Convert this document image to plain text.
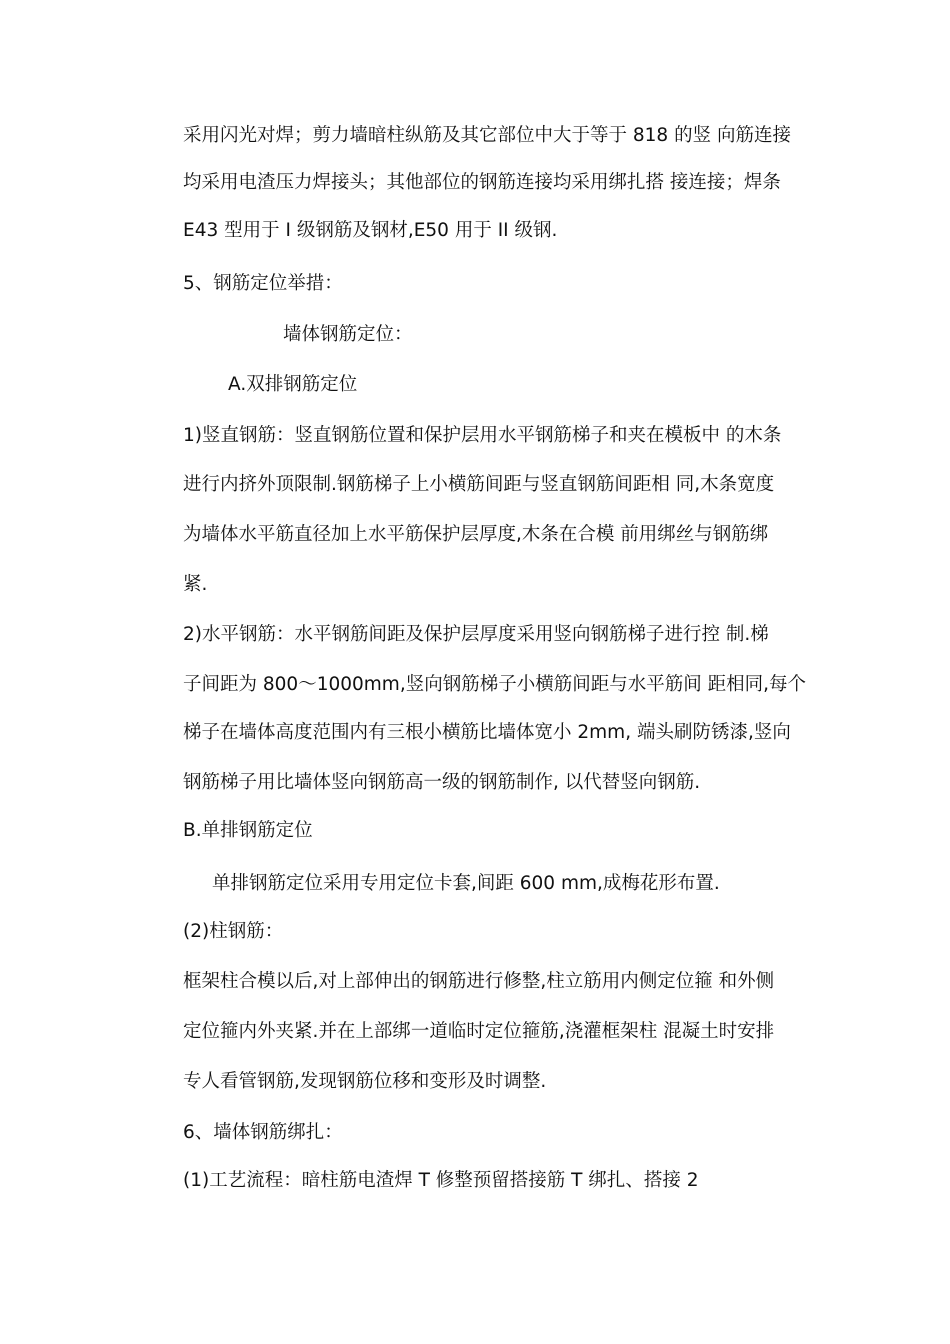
采用闪光对焊；剪力墙暗柱纵筋及其它部位中大于等于 818 的竖 向筋连接
均采用电渣压力焊接头；其他部位的钢筋连接均采用绑扎搭 接连接；焊条
E43 型用于 I 级钢筋及钢材,E50 用于 II 级钢.
5、钢筋定位举措：
墙体钢筋定位：
A.双排钢筋定位
1)竖直钢筋：竖直钢筋位置和保护层用水平钢筋梯子和夹在模板中 的木条
进行内挤外顶限制.钢筋梯子上小横筋间距与竖直钢筋间距相 同,木条宽度
为墙体水平筋直径加上水平筋保护层厚度,木条在合模 前用绑丝与钢筋绑
紧.
2)水平钢筋：水平钢筋间距及保护层厚度采用竖向钢筋梯子进行控 制.梯
子间距为 800〜1000mm,竖向钢筋梯子小横筋间距与水平筋间 距相同,每个
梯子在墙体高度范围内有三根小横筋比墙体宽小 2mm, 端头刷防锈漆,竖向
钢筋梯子用比墙体竖向钢筋高一级的钢筋制作, 以代替竖向钢筋.
B.单排钢筋定位
单排钢筋定位采用专用定位卡套,间距 600 mm,成梅花形布置.
(2)柱钢筋：
框架柱合模以后,对上部伸出的钢筋进行修整,柱立筋用内侧定位箍 和外侧
定位箍内外夹紧.并在上部绑一道临时定位箍筋,浇灌框架柱 混凝土时安排
专人看管钢筋,发现钢筋位移和变形及时调整.
6、墙体钢筋绑扎：
(1)工艺流程：暗柱筋电渣焊 T 修整预留搭接筋 T 绑扎、搭接 2
